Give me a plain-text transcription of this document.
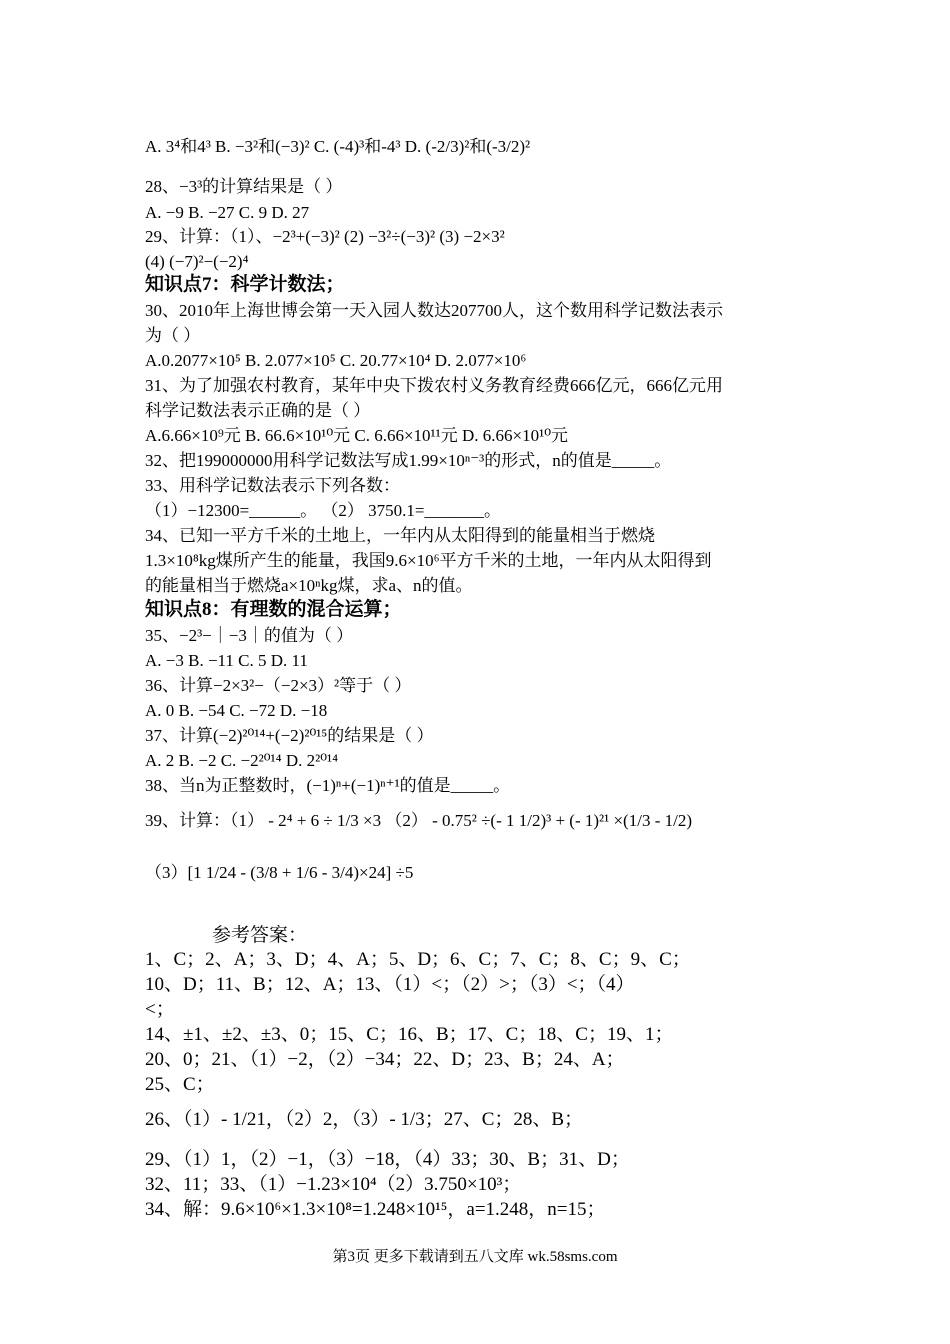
A. 3⁴和4³ B. −3²和(−3)² C. (-4)³和-4³ D. (-2/3)²和(-3/2)²
28、−3³的计算结果是（ ）
A. −9 B. −27 C. 9 D. 27
29、计算：（1）、−2³+(−3)² (2) −3²÷(−3)² (3) −2×3²
(4) (−7)²−(−2)⁴
知识点7：科学计数法；
30、2010年上海世博会第一天入园人数达207700人，这个数用科学记数法表示
为（ ）
A.0.2077×10⁵ B. 2.077×10⁵ C. 20.77×10⁴ D. 2.077×10⁶
31、为了加强农村教育，某年中央下拨农村义务教育经费666亿元，666亿元用
科学记数法表示正确的是（ ）
A.6.66×10⁹元 B. 66.6×10¹⁰元 C. 6.66×10¹¹元 D. 6.66×10¹⁰元
32、把199000000用科学记数法写成1.99×10ⁿ⁻³的形式，n的值是_____。
33、用科学记数法表示下列各数：
（1）−12300=______。 （2） 3750.1=_______。
34、已知一平方千米的土地上，一年内从太阳得到的能量相当于燃烧
1.3×10⁸kg煤所产生的能量，我国9.6×10⁶平方千米的土地，一年内从太阳得到
的能量相当于燃烧a×10ⁿkg煤，求a、n的值。
知识点8：有理数的混合运算；
35、−2³−｜−3｜的值为（ ）
A. −3 B. −11 C. 5 D. 11
36、计算−2×3²−（−2×3）²等于（ ）
A. 0 B. −54 C. −72 D. −18
37、计算(−2)²⁰¹⁴+(−2)²⁰¹⁵的结果是（ ）
A. 2 B. −2 C. −2²⁰¹⁴ D. 2²⁰¹⁴
38、当n为正整数时，(−1)ⁿ+(−1)ⁿ⁺¹的值是_____。
39、计算：（1） - 2⁴ + 6 ÷ 1/3 ×3 （2） - 0.75² ÷(- 1 1/2)³ + (- 1)²¹ ×(1/3 - 1/2)
（3）[1 1/24 - (3/8 + 1/6 - 3/4)×24] ÷5
参考答案：
1、C；2、A；3、D；4、A；5、D；6、C；7、C；8、C；9、C；
10、D；11、B；12、A；13、（1）<；（2）>；（3）<；（4）
<；
14、±1、±2、±3、0；15、C；16、B；17、C；18、C；19、1；
20、0；21、（1）−2，（2）−34；22、D；23、B；24、A；
25、C；
26、（1）- 1/21，（2）2，（3）- 1/3；27、C；28、B；
29、（1）1，（2）−1，（3）−18，（4）33；30、B；31、D；
32、11；33、（1）−1.23×10⁴（2）3.750×10³；
34、解：9.6×10⁶×1.3×10⁸=1.248×10¹⁵，a=1.248，n=15；
第3页 更多下载请到五八文库 wk.58sms.com
